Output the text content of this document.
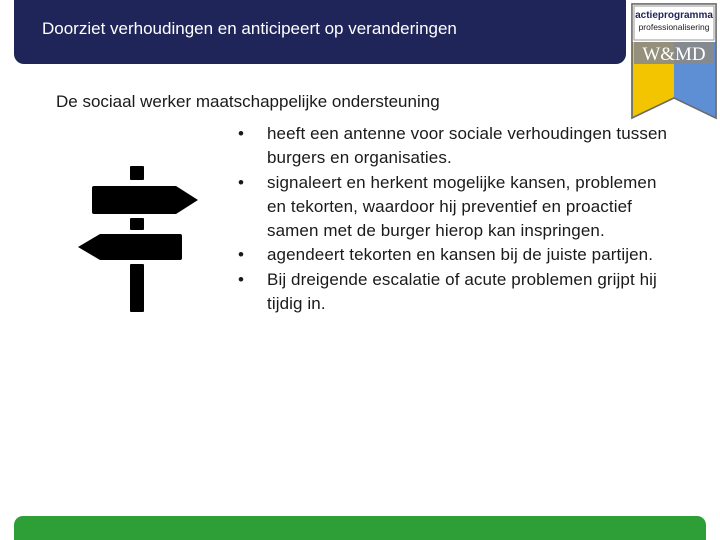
Doorziet verhoudingen en anticipeert op veranderingen
actieprogramma
professionalisering
W&MD
De sociaal werker maatschappelijke ondersteuning
• heeft een antenne voor sociale verhoudingen tussen burgers en organisaties.
• signaleert en herkent mogelijke kansen, problemen en tekorten, waardoor hij preventief en proactief samen met de burger hierop kan inspringen.
• agendeert tekorten en kansen bij de juiste partijen.
• Bij dreigende escalatie of acute problemen grijpt hij tijdig in.
